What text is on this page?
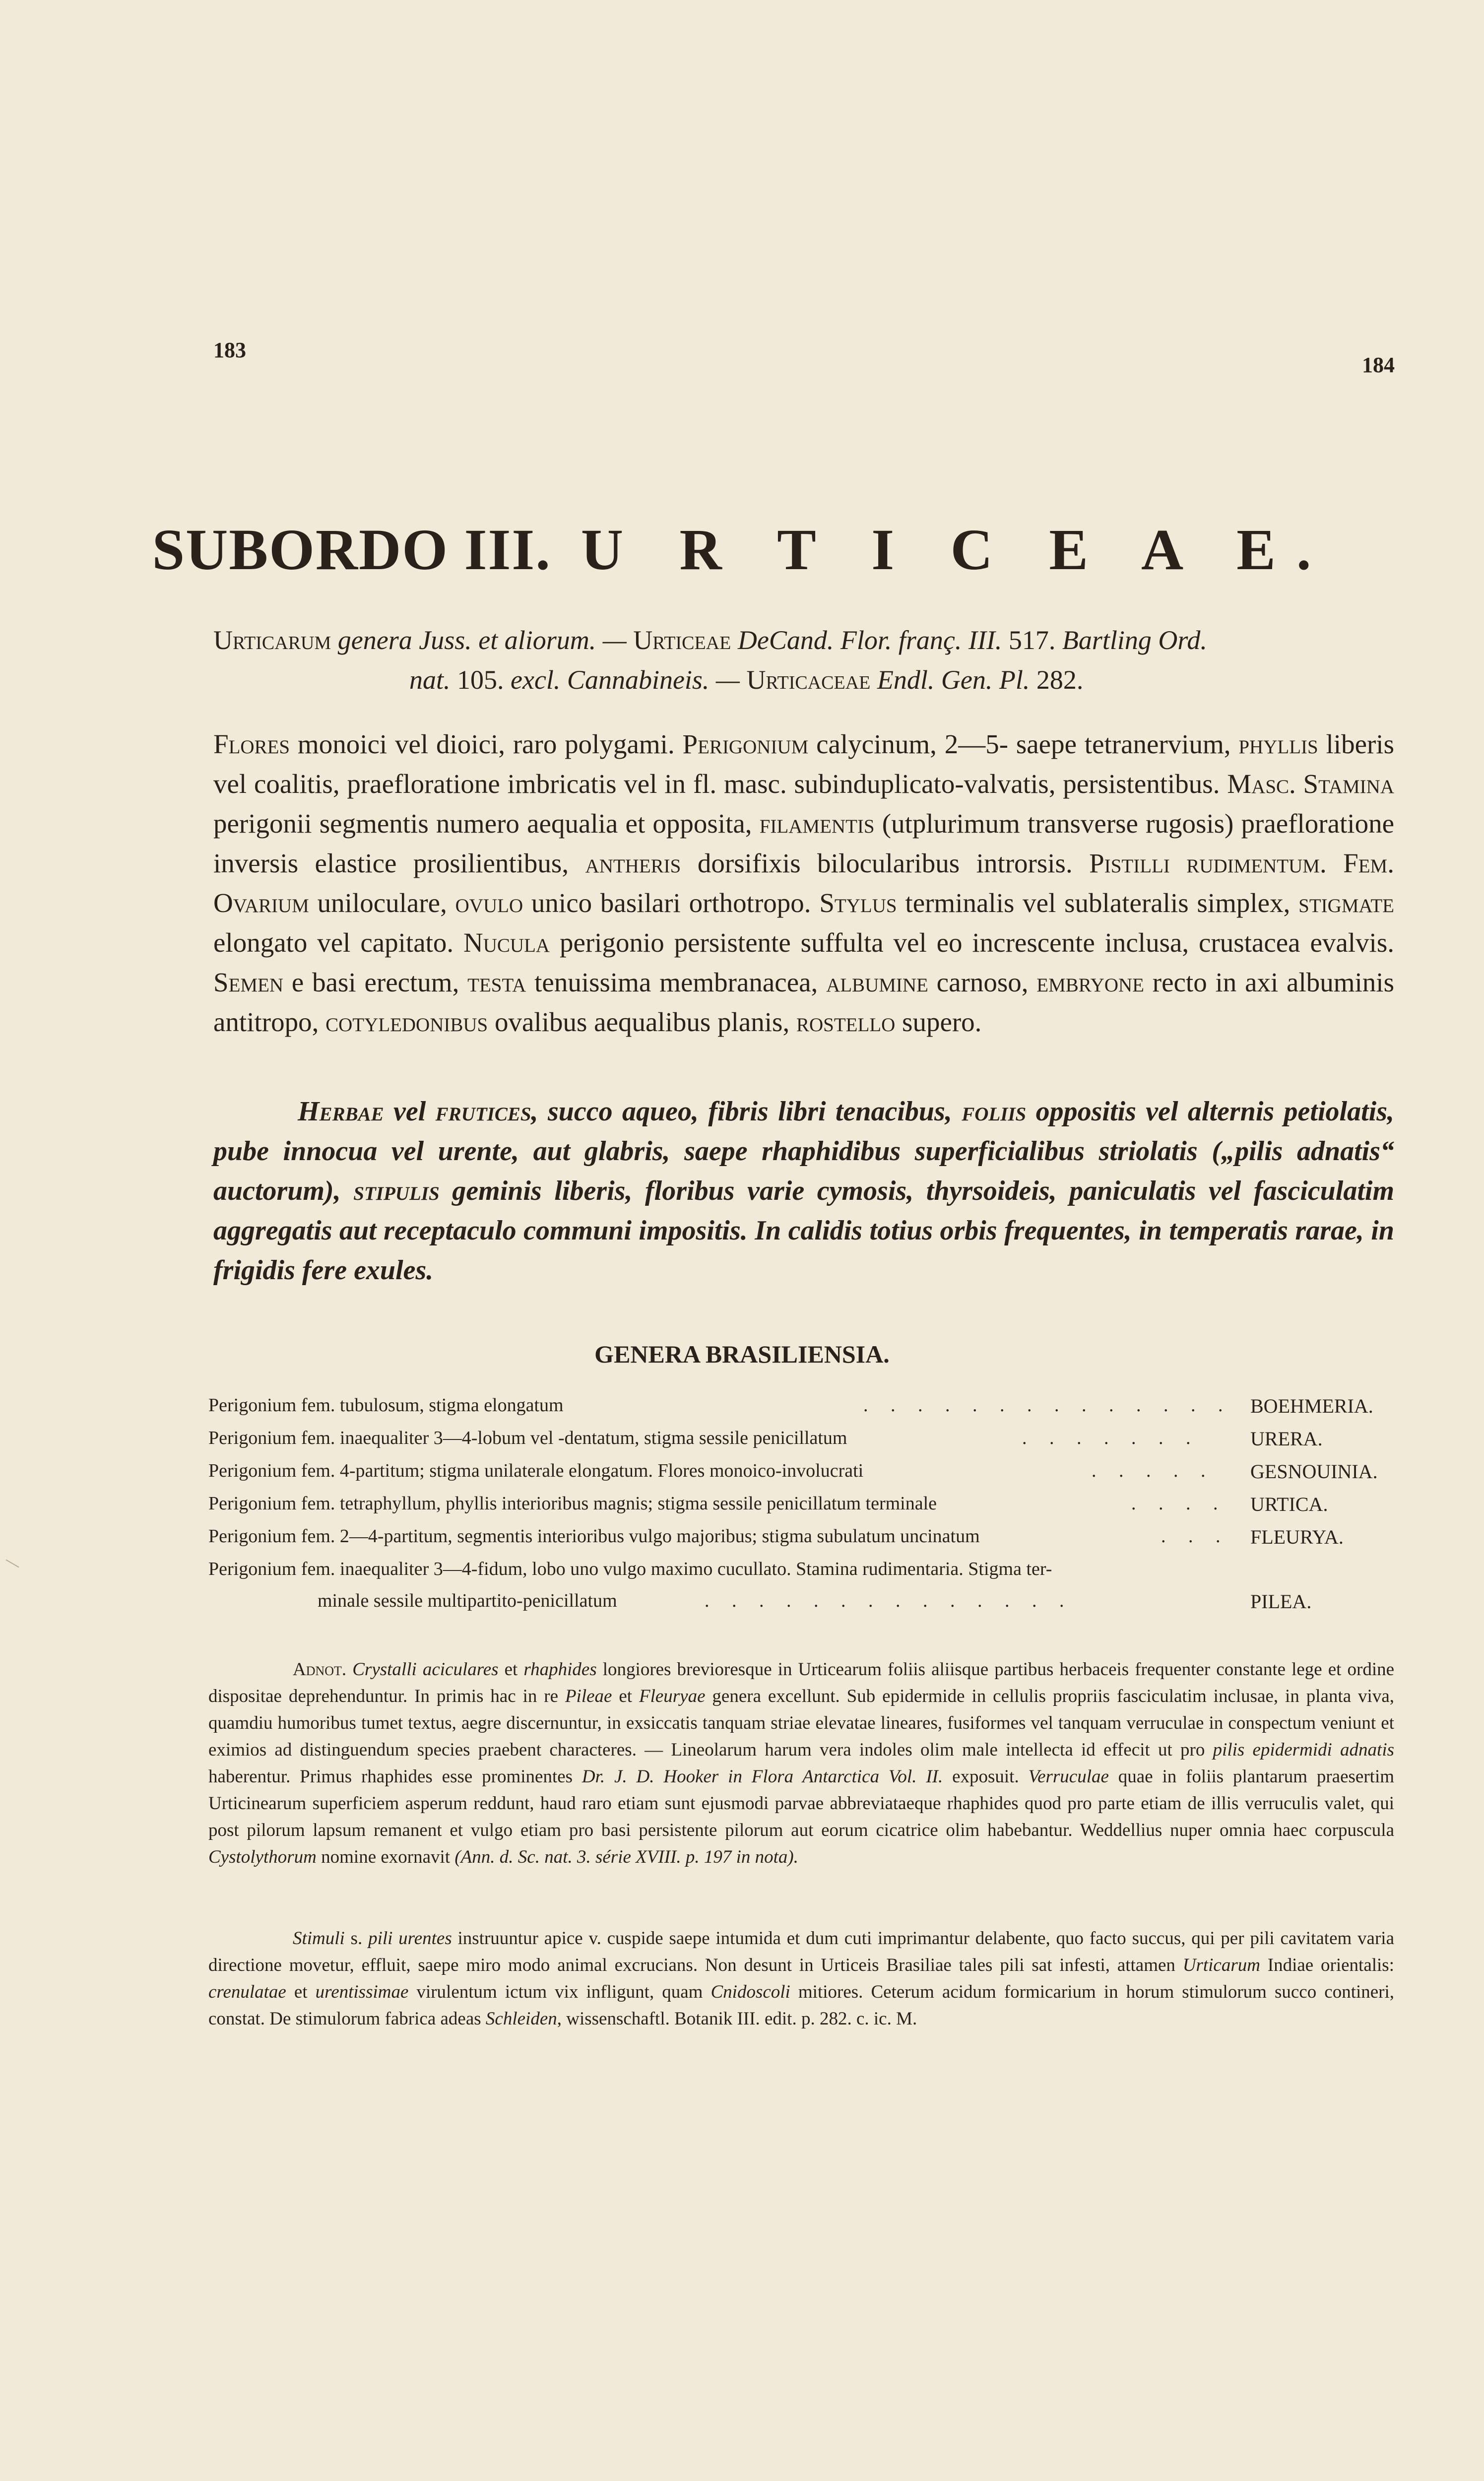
183
184
SUBORDO III. U R T I C E A E.
Urticarum genera Juss. et aliorum. — Urticeae DeCand. Flor. franç. III. 517. Bartling Ord.
nat. 105. excl. Cannabineis. — Urticaceae Endl. Gen. Pl. 282.
Flores monoici vel dioici, raro polygami. Perigonium calycinum, 2—5- saepe tetranervium, phyllis liberis vel coalitis, praefloratione imbricatis vel in fl. masc. subinduplicato-valvatis, persistentibus. Masc. Stamina perigonii segmentis numero aequalia et opposita, filamentis (utplurimum transverse rugosis) praefloratione inversis elastice prosilientibus, antheris dorsifixis bilocularibus introrsis. Pistilli rudimentum. Fem. Ovarium uniloculare, ovulo unico basilari orthotropo. Stylus terminalis vel sublateralis simplex, stigmate elongato vel capitato. Nucula perigonio persistente suffulta vel eo increscente inclusa, crustacea evalvis. Semen e basi erectum, testa tenuissima membranacea, albumine carnoso, embryone recto in axi albuminis antitropo, cotyledonibus ovalibus aequalibus planis, rostello supero.
Herbae vel frutices, succo aqueo, fibris libri tenacibus, foliis oppositis vel alternis petiolatis, pube innocua vel urente, aut glabris, saepe rhaphidibus superficialibus striolatis („pilis adnatis“ auctorum), stipulis geminis liberis, floribus varie cymosis, thyrsoideis, paniculatis vel fasciculatim aggregatis aut receptaculo communi impositis. In calidis totius orbis frequentes, in temperatis rarae, in frigidis fere exules.
GENERA BRASILIENSIA.
Perigonium fem. tubulosum, stigma elongatum	. . . . . . . . . . . . . . BOEHMERIA.
Perigonium fem. inaequaliter 3—4-lobum vel -dentatum, stigma sessile penicillatum	. . . . . . .	URERA.
Perigonium fem. 4-partitum; stigma unilaterale elongatum. Flores monoico-involucrati	. . . . . GESNOUINIA.
Perigonium fem. tetraphyllum, phyllis interioribus magnis; stigma sessile penicillatum terminale	. . . . URTICA.
Perigonium fem. 2—4-partitum, segmentis interioribus vulgo majoribus; stigma subulatum uncinatum	. . . FLEURYA.
Perigonium fem. inaequaliter 3—4-fidum, lobo uno vulgo maximo cucullato. Stamina rudimentaria. Stigma ter-
minale sessile multipartito-penicillatum	. . . . . . . . . . . . . .	PILEA.
Adnot. Crystalli aciculares et rhaphides longiores brevioresque in Urticearum foliis aliisque partibus herbaceis frequenter constante lege et ordine dispositae deprehenduntur. In primis hac in re Pileae et Fleuryae genera excellunt. Sub epidermide in cellulis propriis fasciculatim inclusae, in planta viva, quamdiu humoribus tumet textus, aegre discernuntur, in exsiccatis tanquam striae elevatae lineares, fusiformes vel tanquam verruculae in conspectum veniunt et eximios ad distinguendum species praebent characteres. — Lineolarum harum vera indoles olim male intellecta id effecit ut pro pilis epidermidi adnatis haberentur. Primus rhaphides esse prominentes Dr. J. D. Hooker in Flora Antarctica Vol. II. exposuit. Verruculae quae in foliis plantarum praesertim Urticinearum superficiem asperum reddunt, haud raro etiam sunt ejusmodi parvae abbreviataeque rhaphides quod pro parte etiam de illis verruculis valet, qui post pilorum lapsum remanent et vulgo etiam pro basi persistente pilorum aut eorum cicatrice olim habebantur. Weddellius nuper omnia haec corpuscula Cystolythorum nomine exornavit (Ann. d. Sc. nat. 3. série XVIII. p. 197 in nota).
Stimuli s. pili urentes instruuntur apice v. cuspide saepe intumida et dum cuti imprimantur delabente, quo facto succus, qui per pili cavitatem varia directione movetur, effluit, saepe miro modo animal excrucians. Non desunt in Urticeis Brasiliae tales pili sat infesti, attamen Urticarum Indiae orientalis: crenulatae et urentissimae virulentum ictum vix infligunt, quam Cnidoscoli mitiores. Ceterum acidum formicarium in horum stimulorum succo contineri, constat. De stimulorum fabrica adeas Schleiden, wissenschaftl. Botanik III. edit. p. 282. c. ic. M.
